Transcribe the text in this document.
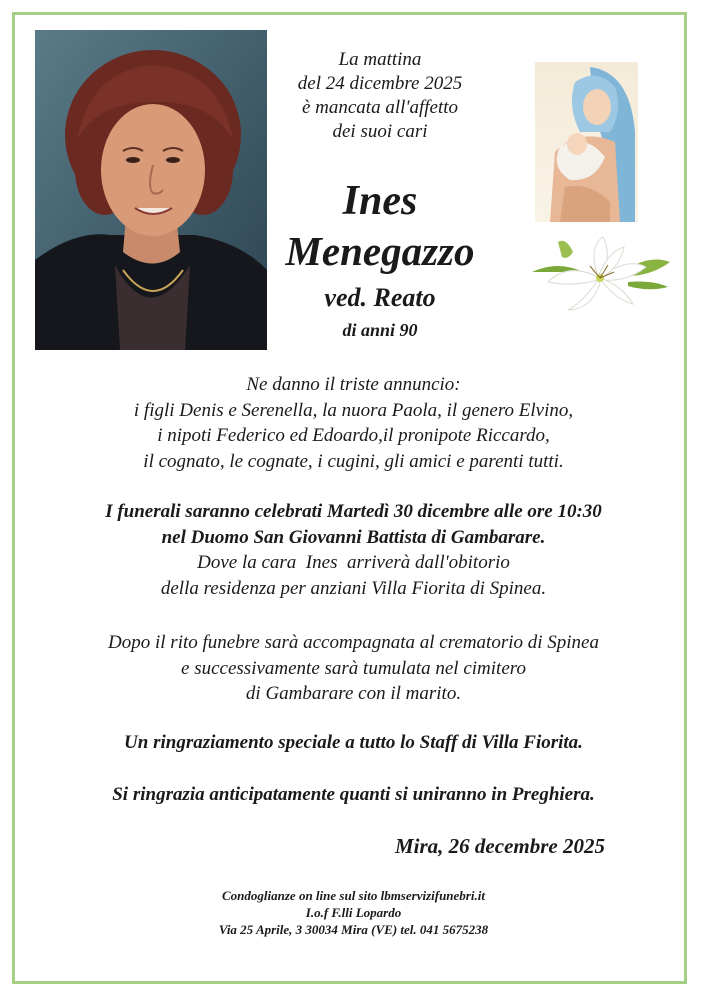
La mattina
del 24 dicembre 2025
è mancata all'affetto
dei suoi cari
Ines
Menegazzo
ved. Reato
di anni 90
Ne danno il triste annuncio:
i figli Denis e Serenella, la nuora Paola, il genero Elvino,
i nipoti Federico ed Edoardo,il pronipote Riccardo,
il cognato, le cognate, i cugini, gli amici e parenti tutti.
I funerali saranno celebrati Martedì 30 dicembre alle ore 10:30
nel Duomo San Giovanni Battista di Gambarare.
Dove la cara  Ines  arriverà dall'obitorio
della residenza per anziani Villa Fiorita di Spinea.
Dopo il rito funebre sarà accompagnata al crematorio di Spinea
e successivamente sarà tumulata nel cimitero
di Gambarare con il marito.
Un ringraziamento speciale a tutto lo Staff di Villa Fiorita.
Si ringrazia anticipatamente quanti si uniranno in Preghiera.
Mira, 26 decembre 2025
Condoglianze on line sul sito lbmservizifunebri.it
I.o.f F.lli Lopardo
Via 25 Aprile, 3 30034 Mira (VE) tel. 041 5675238
